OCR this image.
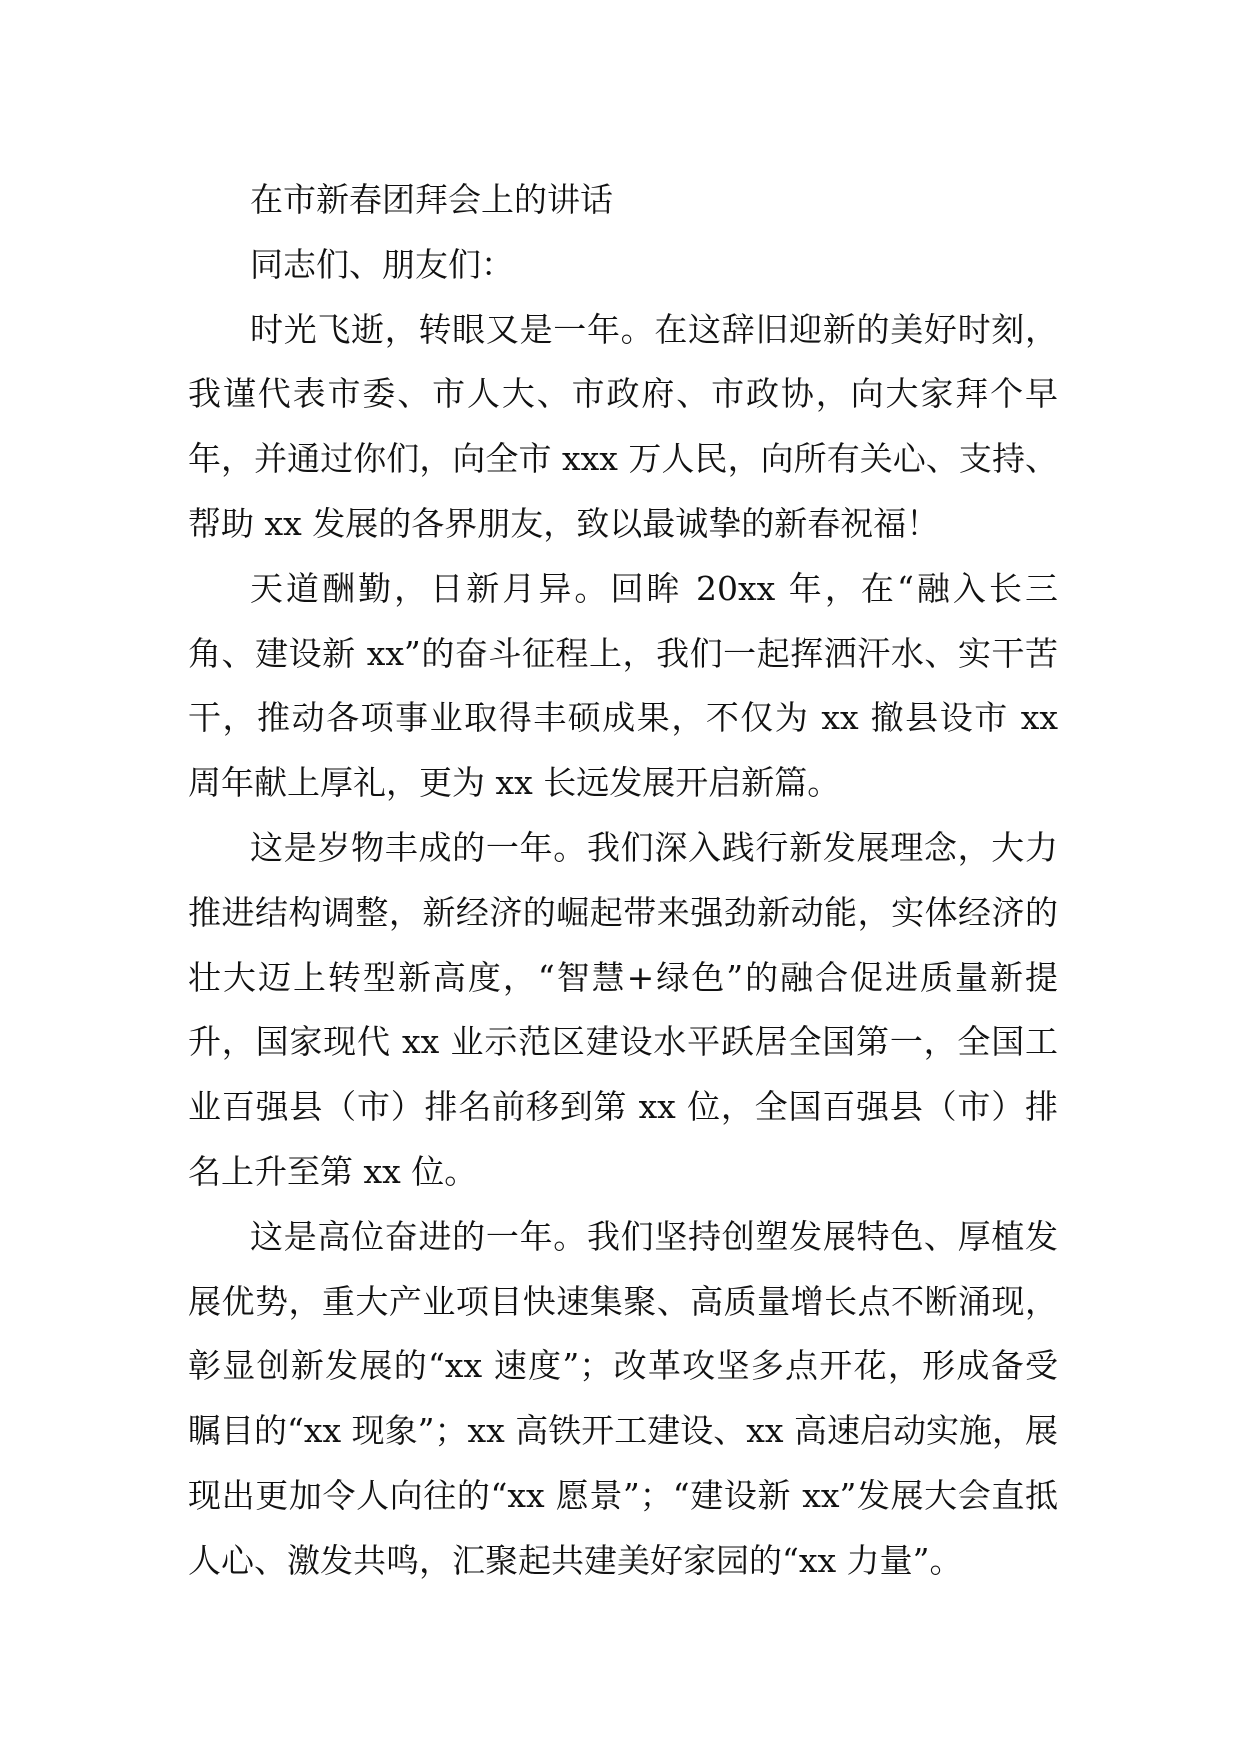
在市新春团拜会上的讲话

同志们、朋友们：

时光飞逝，转眼又是一年。在这辞旧迎新的美好时刻，我谨代表市委、市人大、市政府、市政协，向大家拜个早年，并通过你们，向全市 xxx 万人民，向所有关心、支持、帮助 xx 发展的各界朋友，致以最诚挚的新春祝福！

天道酬勤，日新月异。回眸 20xx 年，在“融入长三角、建设新 xx”的奋斗征程上，我们一起挥洒汗水、实干苦干，推动各项事业取得丰硕成果，不仅为 xx 撤县设市 xx 周年献上厚礼，更为 xx 长远发展开启新篇。

这是岁物丰成的一年。我们深入践行新发展理念，大力推进结构调整，新经济的崛起带来强劲新动能，实体经济的壮大迈上转型新高度，“智慧+绿色”的融合促进质量新提升，国家现代 xx 业示范区建设水平跃居全国第一，全国工业百强县（市）排名前移到第 xx 位，全国百强县（市）排名上升至第 xx 位。

这是高位奋进的一年。我们坚持创塑发展特色、厚植发展优势，重大产业项目快速集聚、高质量增长点不断涌现，彰显创新发展的“xx 速度”；改革攻坚多点开花，形成备受瞩目的“xx 现象”；xx 高铁开工建设、xx 高速启动实施，展现出更加令人向往的“xx 愿景”；“建设新 xx”发展大会直抵人心、激发共鸣，汇聚起共建美好家园的“xx 力量”。
